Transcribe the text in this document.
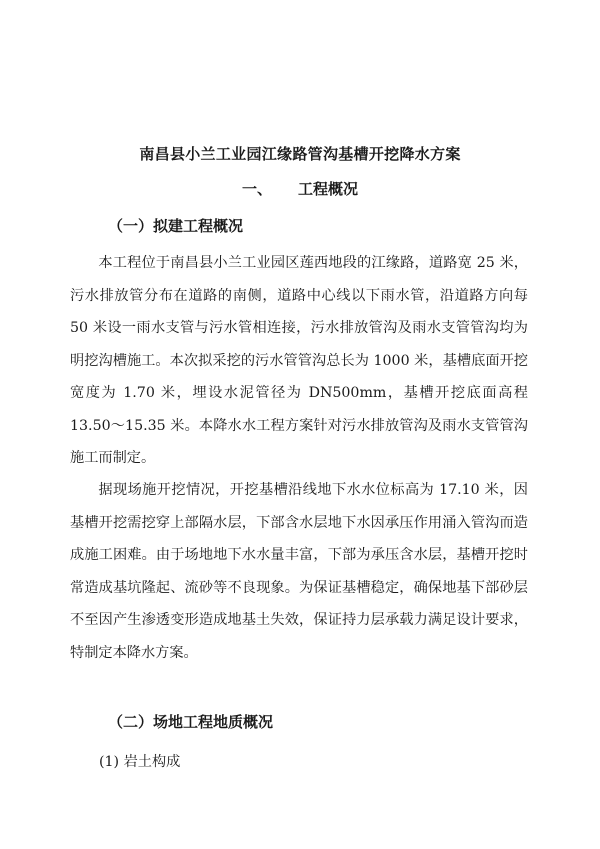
南昌县小兰工业园江缘路管沟基槽开挖降水方案
一、 工程概况
（一）拟建工程概况

本工程位于南昌县小兰工业园区莲西地段的江缘路，道路宽 25 米，污水排放管分布在道路的南侧，道路中心线以下雨水管，沿道路方向每 50 米设一雨水支管与污水管相连接，污水排放管沟及雨水支管管沟均为明挖沟槽施工。本次拟采挖的污水管管沟总长为 1000 米，基槽底面开挖宽度为 1.70 米，埋设水泥管径为 DN500mm，基槽开挖底面高程 13.50～15.35 米。本降水水工程方案针对污水排放管沟及雨水支管管沟施工而制定。

据现场施开挖情况，开挖基槽沿线地下水水位标高为 17.10 米，因基槽开挖需挖穿上部隔水层，下部含水层地下水因承压作用涌入管沟而造成施工困难。由于场地地下水水量丰富，下部为承压含水层，基槽开挖时常造成基坑隆起、流砂等不良现象。为保证基槽稳定，确保地基下部砂层不至因产生渗透变形造成地基土失效，保证持力层承载力满足设计要求，特制定本降水方案。

（二）场地工程地质概况

(1) 岩土构成
